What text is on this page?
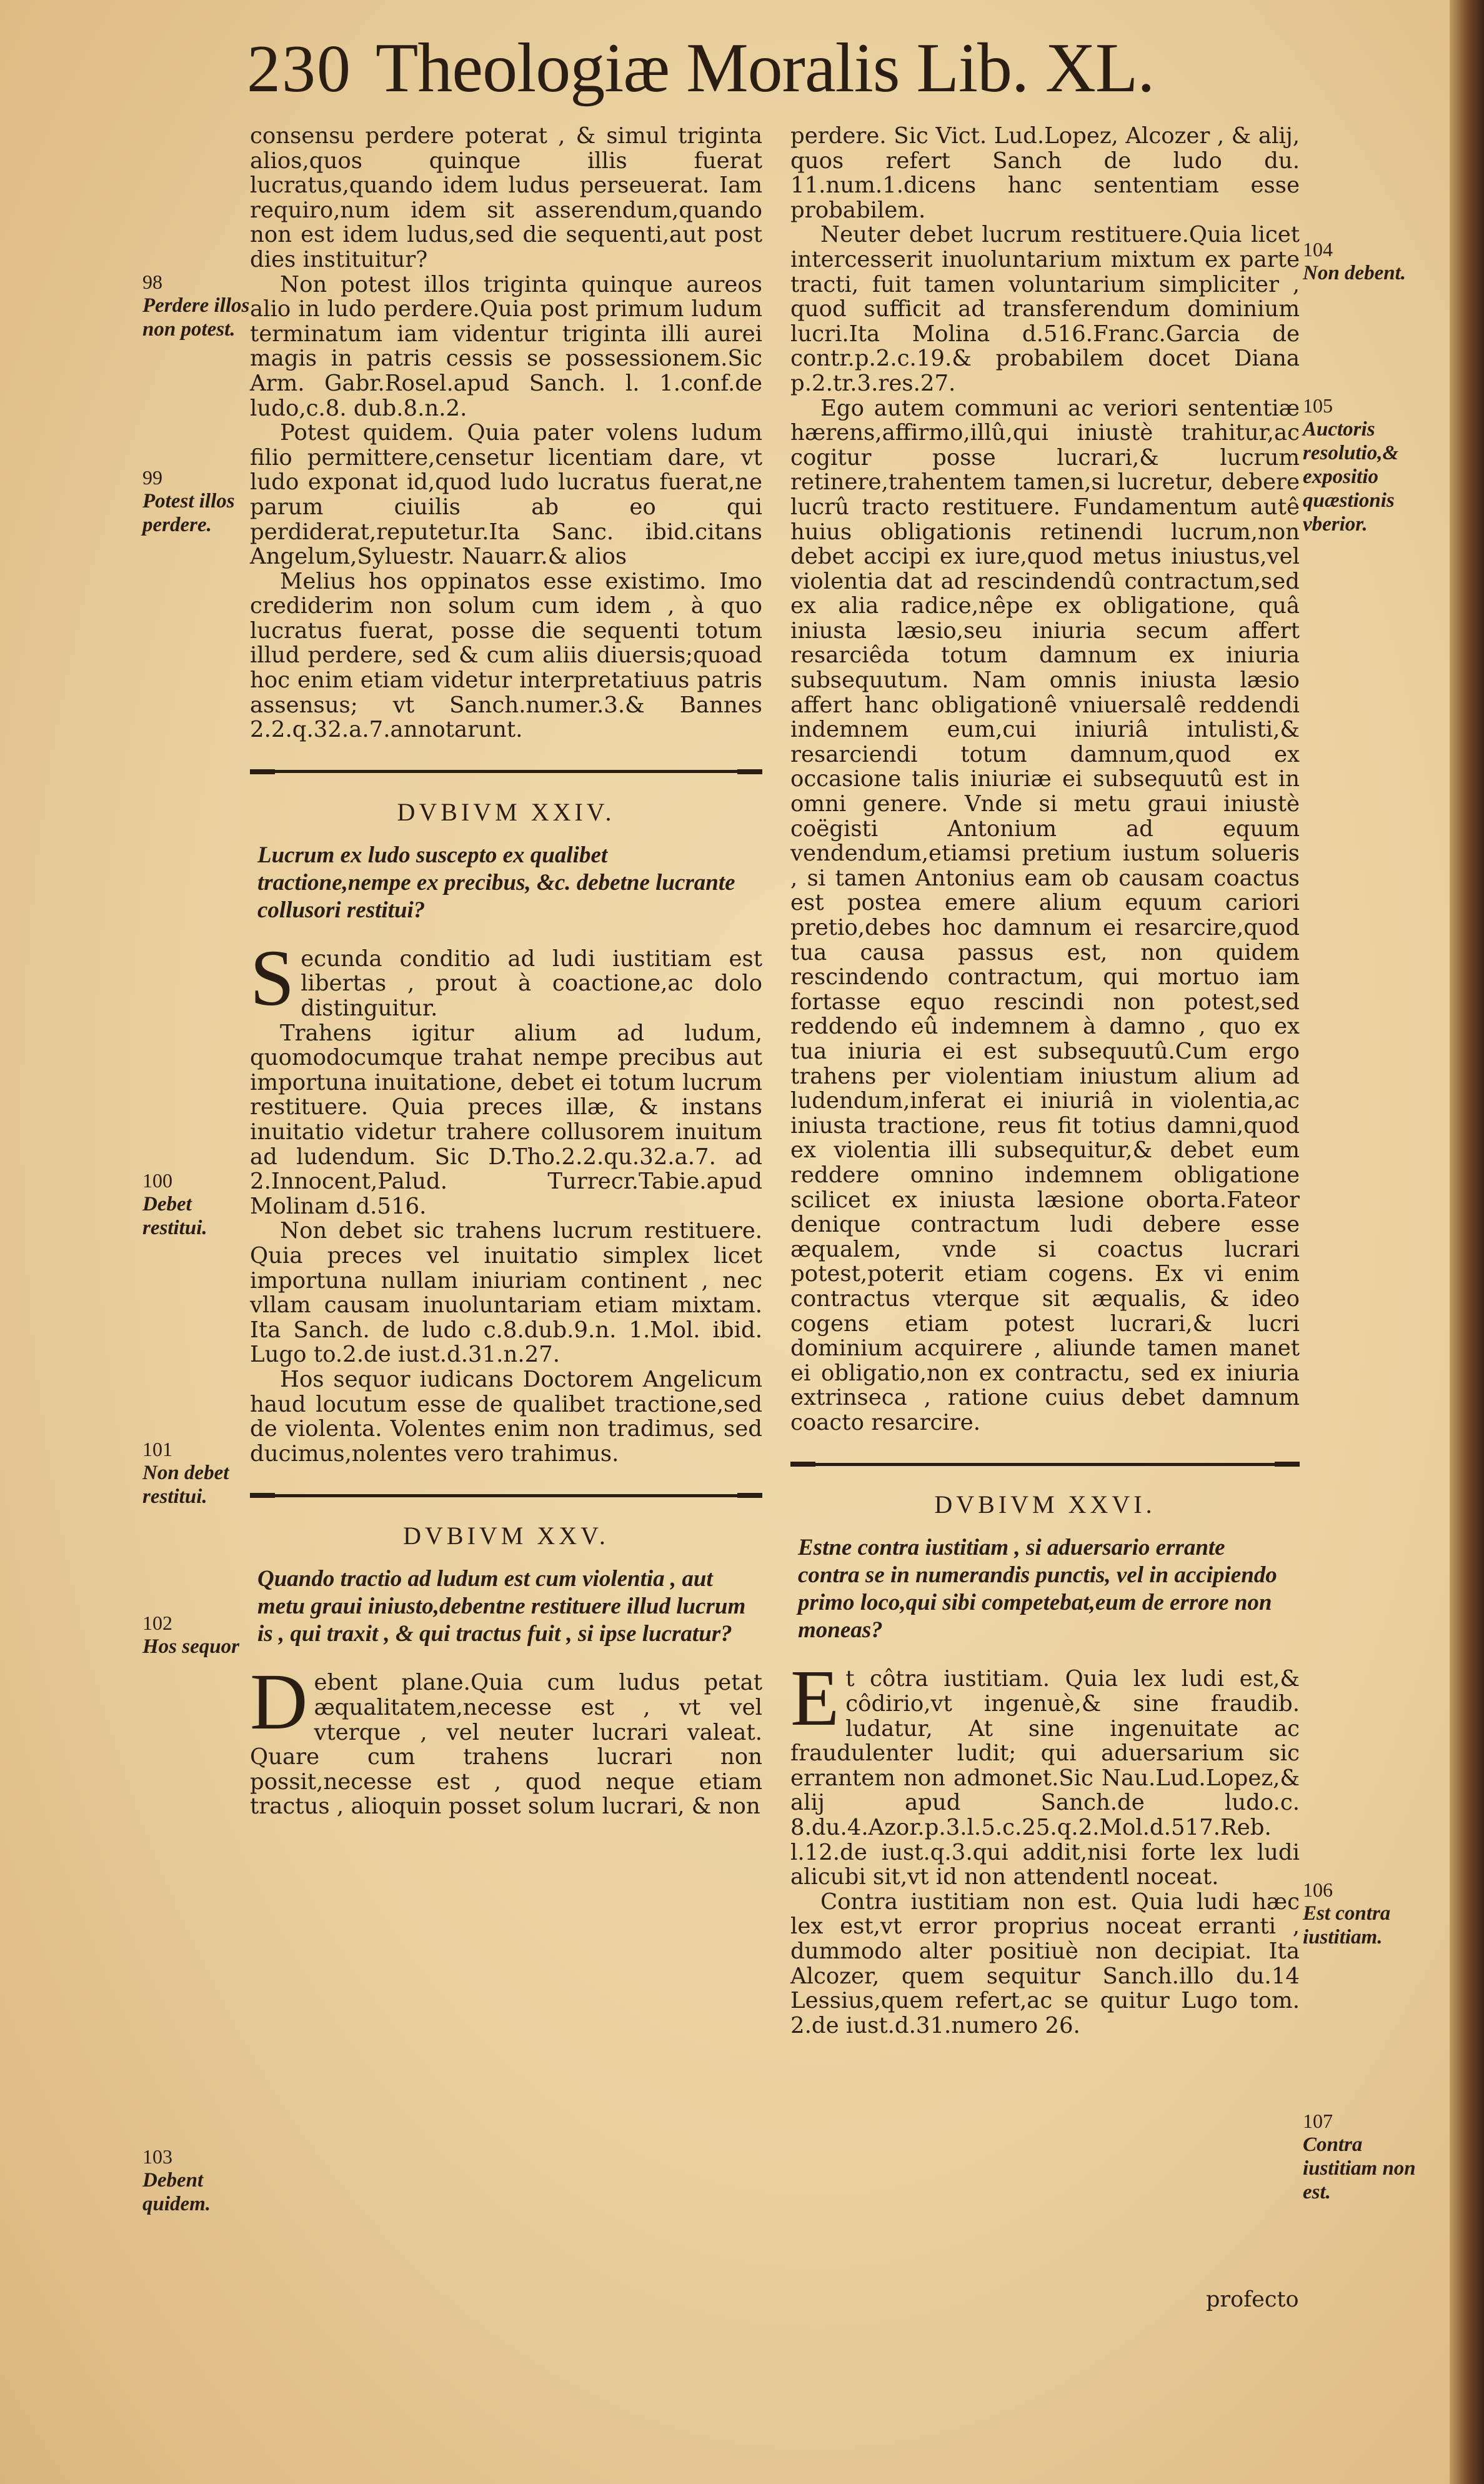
230 Theologiæ Moralis Lib. XL.

consensu perdere poterat , & simul triginta alios,quos quinque illis fuerat lucratus,quando idem ludus perseuerat. Iam requiro,num idem sit asserendum,quando non est idem ludus,sed die sequenti,aut post dies instituitur?

Non potest illos triginta quinque aureos alio in ludo perdere.Quia post primum ludum terminatum iam videntur triginta illi aurei magis in patris cessis se possessionem.Sic Arm. Gabr.Rosel.apud Sanch. l. 1.conf.de ludo,c.8. dub.8.n.2.

Potest quidem. Quia pater volens ludum filio permittere,censetur licentiam dare, vt ludo exponat id,quod ludo lucratus fuerat,ne parum ciuilis ab eo qui perdiderat,reputetur.Ita Sanc. ibid.citans Angelum,Syluestr. Nauarr.& alios

Melius hos oppinatos esse existimo. Imo crediderim non solum cum idem , à quo lucratus fuerat, posse die sequenti totum illud perdere, sed & cum aliis diuersis;quoad hoc enim etiam videtur interpretatiuus patris assensus; vt Sanch.numer.3.& Bannes 2.2.q.32.a.7.annotarunt.

DVBIVM XXIV.

Lucrum ex ludo suscepto ex qualibet tractione,nempe ex precibus, &c. debetne lucrante collusori restitui?

S ecunda conditio ad ludi iustitiam est libertas , prout à coactione,ac dolo distinguitur.

Trahens igitur alium ad ludum, quomodocumque trahat nempe precibus aut importuna inuitatione, debet ei totum lucrum restituere. Quia preces illæ, & instans inuitatio videtur trahere collusorem inuitum ad ludendum. Sic D.Tho.2.2.qu.32.a.7. ad 2.Innocent,Palud. Turrecr.Tabie.apud Molinam d.516.

Non debet sic trahens lucrum restituere. Quia preces vel inuitatio simplex licet importuna nullam iniuriam continent , nec vllam causam inuoluntariam etiam mixtam. Ita Sanch. de ludo c.8.dub.9.n. 1.Mol. ibid. Lugo to.2.de iust.d.31.n.27.

Hos sequor iudicans Doctorem Angelicum haud locutum esse de qualibet tractione,sed de violenta. Volentes enim non tradimus, sed ducimus,nolentes vero trahimus.

DVBIVM XXV.

Quando tractio ad ludum est cum violentia , aut metu graui iniusto,debentne restituere illud lucrum is , qui traxit , & qui tractus fuit , si ipse lucratur?

D ebent plane.Quia cum ludus petat æqualitatem,necesse est , vt vel vterque , vel neuter lucrari valeat. Quare cum trahens lucrari non possit,necesse est , quod neque etiam tractus , alioquin posset solum lucrari, & non

perdere. Sic Vict. Lud.Lopez, Alcozer , & alij, quos refert Sanch de ludo du. 11.num.1.dicens hanc sententiam esse probabilem.

Neuter debet lucrum restituere.Quia licet intercesserit inuoluntarium mixtum ex parte tracti, fuit tamen voluntarium simpliciter , quod sufficit ad transferendum dominium lucri.Ita Molina d.516.Franc.Garcia de contr.p.2.c.19.& probabilem docet Diana p.2.tr.3.res.27.

Ego autem communi ac veriori sententiæ hærens,affirmo,illû,qui iniustè trahitur,ac cogitur posse lucrari,& lucrum retinere,trahentem tamen,si lucretur, debere lucrû tracto restituere. Fundamentum autê huius obligationis retinendi lucrum,non debet accipi ex iure,quod metus iniustus,vel violentia dat ad rescindendû contractum,sed ex alia radice,nêpe ex obligatione, quâ iniusta læsio,seu iniuria secum affert resarciêda totum damnum ex iniuria subsequutum. Nam omnis iniusta læsio affert hanc obligationê vniuersalê reddendi indemnem eum,cui iniuriâ intulisti,& resarciendi totum damnum,quod ex occasione talis iniuriæ ei subsequutû est in omni genere. Vnde si metu graui iniustè coëgisti Antonium ad equum vendendum,etiamsi pretium iustum solueris , si tamen Antonius eam ob causam coactus est postea emere alium equum cariori pretio,debes hoc damnum ei resarcire,quod tua causa passus est, non quidem rescindendo contractum, qui mortuo iam fortasse equo rescindi non potest,sed reddendo eû indemnem à damno , quo ex tua iniuria ei est subsequutû.Cum ergo trahens per violentiam iniustum alium ad ludendum,inferat ei iniuriâ in violentia,ac iniusta tractione, reus fit totius damni,quod ex violentia illi subsequitur,& debet eum reddere omnino indemnem obligatione scilicet ex iniusta læsione oborta.Fateor denique contractum ludi debere esse æqualem, vnde si coactus lucrari potest,poterit etiam cogens. Ex vi enim contractus vterque sit æqualis, & ideo cogens etiam potest lucrari,& lucri dominium acquirere , aliunde tamen manet ei obligatio,non ex contractu, sed ex iniuria extrinseca , ratione cuius debet damnum coacto resarcire.

DVBIVM XXVI.

Estne contra iustitiam , si aduersario errante contra se in numerandis punctis, vel in accipiendo primo loco,qui sibi competebat,eum de errore non moneas?

E t côtra iustitiam. Quia lex ludi est,& côdirio,vt ingenuè,& sine fraudib. ludatur, At sine ingenuitate ac fraudulenter ludit; qui aduersarium sic errantem non admonet.Sic Nau.Lud.Lopez,& alij apud Sanch.de ludo.c. 8.du.4.Azor.p.3.l.5.c.25.q.2.Mol.d.517.Reb. l.12.de iust.q.3.qui addit,nisi forte lex ludi alicubi sit,vt id non attendentl noceat.

Contra iustitiam non est. Quia ludi hæc lex est,vt error proprius noceat erranti , dummodo alter positiuè non decipiat. Ita Alcozer, quem sequitur Sanch.illo du.14 Lessius,quem refert,ac se quitur Lugo tom. 2.de iust.d.31.numero 26.

98
Perdere illos non potest.
99
Potest illos perdere.
100
Debet restitui.
101
Non debet restitui.
102
Hos sequor
103
Debent quidem.
104
Non debent.
105
Auctoris resolutio,& expositio quæstionis vberior.
106
Est contra iustitiam.
107
Contra iustitiam non est.
profecto
